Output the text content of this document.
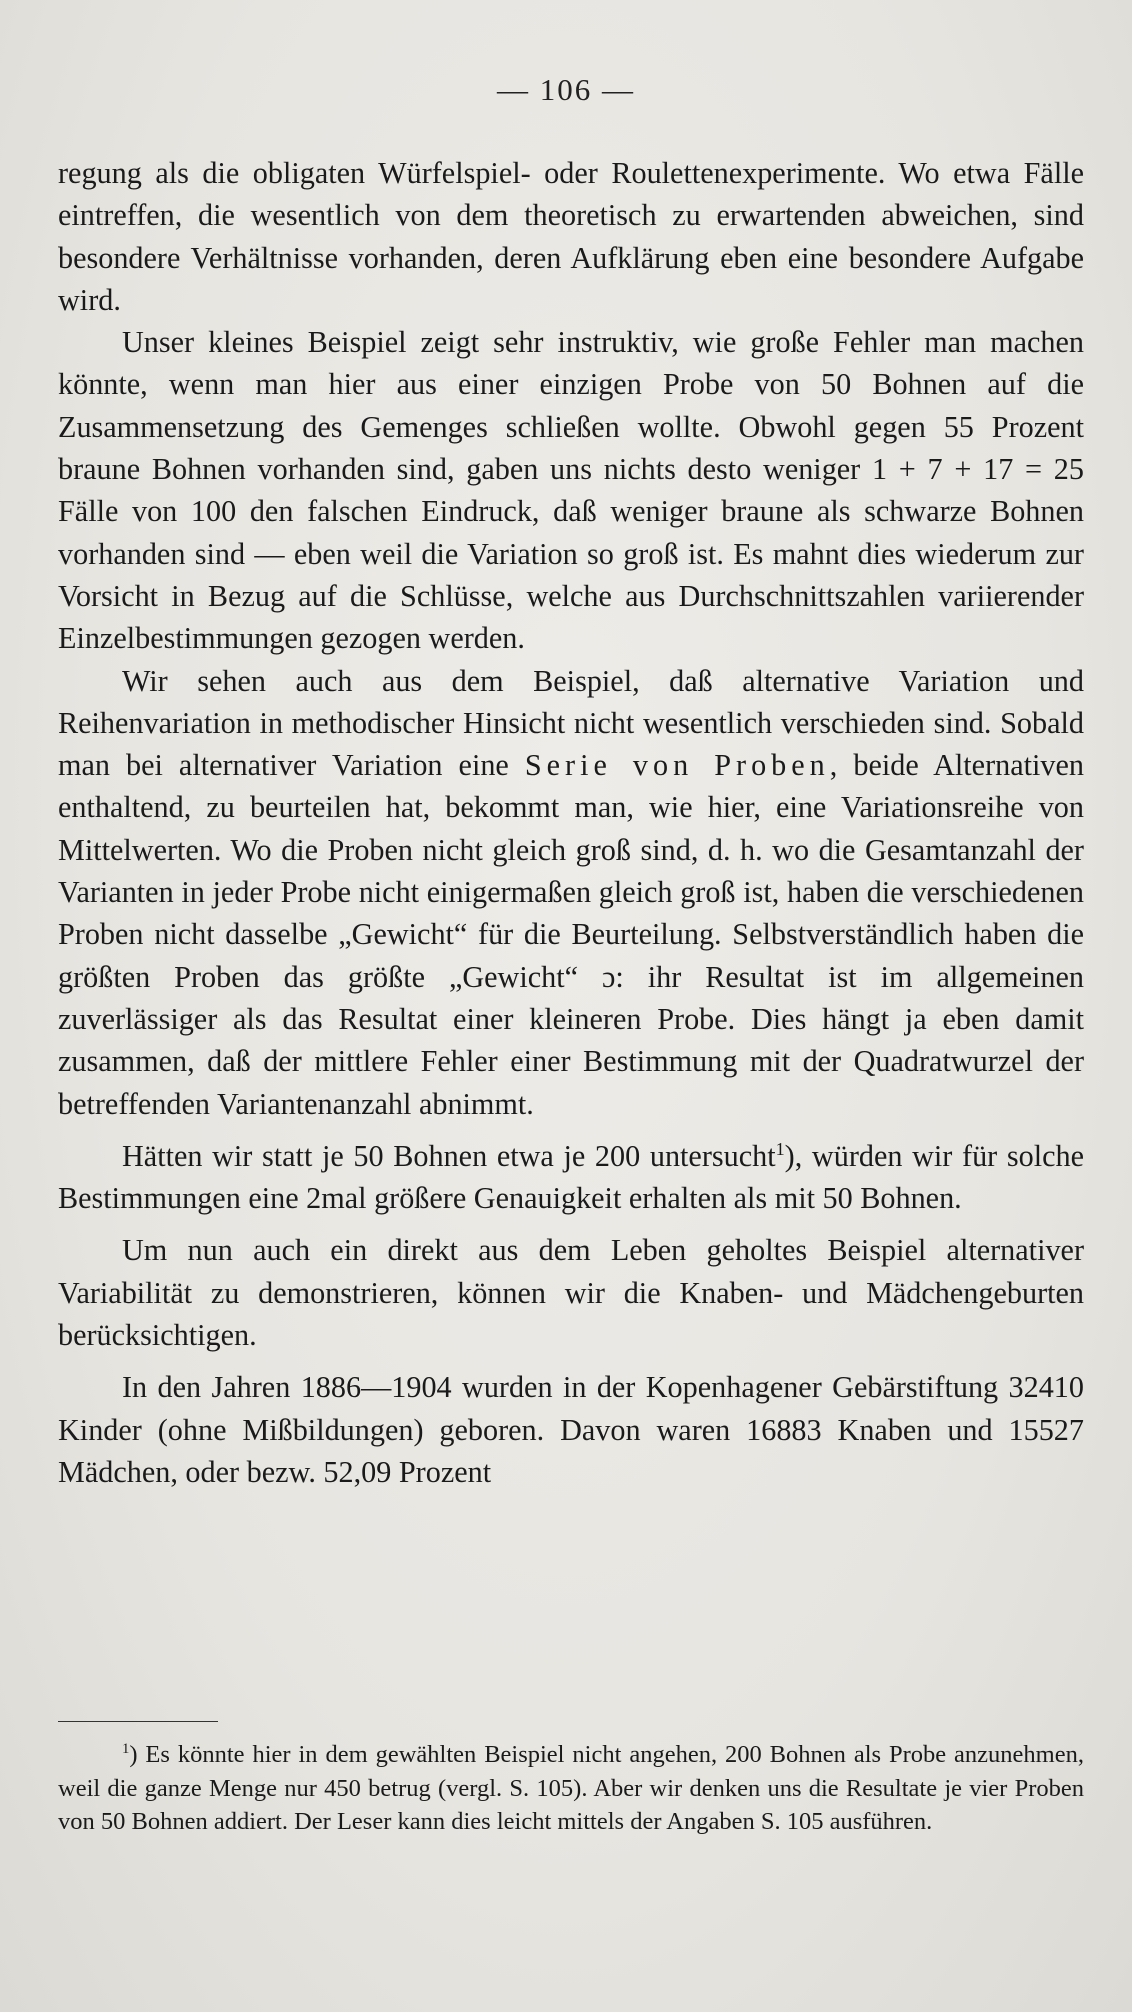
— 106 —

regung als die obligaten Würfelspiel- oder Roulettenexperimente. Wo etwa Fälle eintreffen, die wesentlich von dem theoretisch zu erwartenden abweichen, sind besondere Verhältnisse vorhanden, deren Aufklärung eben eine besondere Aufgabe wird.

Unser kleines Beispiel zeigt sehr instruktiv, wie große Fehler man machen könnte, wenn man hier aus einer einzigen Probe von 50 Bohnen auf die Zusammensetzung des Gemenges schließen wollte. Obwohl gegen 55 Prozent braune Bohnen vorhanden sind, gaben uns nichts desto weniger 1 + 7 + 17 = 25 Fälle von 100 den falschen Eindruck, daß weniger braune als schwarze Bohnen vorhanden sind — eben weil die Variation so groß ist. Es mahnt dies wiederum zur Vorsicht in Bezug auf die Schlüsse, welche aus Durchschnittszahlen variierender Einzelbestimmungen gezogen werden.

Wir sehen auch aus dem Beispiel, daß alternative Variation und Reihenvariation in methodischer Hinsicht nicht wesentlich verschieden sind. Sobald man bei alternativer Variation eine Serie von Proben, beide Alternativen enthaltend, zu beurteilen hat, bekommt man, wie hier, eine Variationsreihe von Mittelwerten. Wo die Proben nicht gleich groß sind, d. h. wo die Gesamtanzahl der Varianten in jeder Probe nicht einigermaßen gleich groß ist, haben die verschiedenen Proben nicht dasselbe „Gewicht“ für die Beurteilung. Selbstverständlich haben die größten Proben das größte „Gewicht“ ɔ: ihr Resultat ist im allgemeinen zuverlässiger als das Resultat einer kleineren Probe. Dies hängt ja eben damit zusammen, daß der mittlere Fehler einer Bestimmung mit der Quadratwurzel der betreffenden Variantenanzahl abnimmt.

Hätten wir statt je 50 Bohnen etwa je 200 untersucht$^1$), würden wir für solche Bestimmungen eine 2mal größere Genauigkeit erhalten als mit 50 Bohnen.

Um nun auch ein direkt aus dem Leben geholtes Beispiel alternativer Variabilität zu demonstrieren, können wir die Knaben- und Mädchengeburten berücksichtigen.

In den Jahren 1886—1904 wurden in der Kopenhagener Gebärstiftung 32410 Kinder (ohne Mißbildungen) geboren. Davon waren 16883 Knaben und 15527 Mädchen, oder bezw. 52,09 Prozent

$^1$) Es könnte hier in dem gewählten Beispiel nicht angehen, 200 Bohnen als Probe anzunehmen, weil die ganze Menge nur 450 betrug (vergl. S. 105). Aber wir denken uns die Resultate je vier Proben von 50 Bohnen addiert. Der Leser kann dies leicht mittels der Angaben S. 105 ausführen.
